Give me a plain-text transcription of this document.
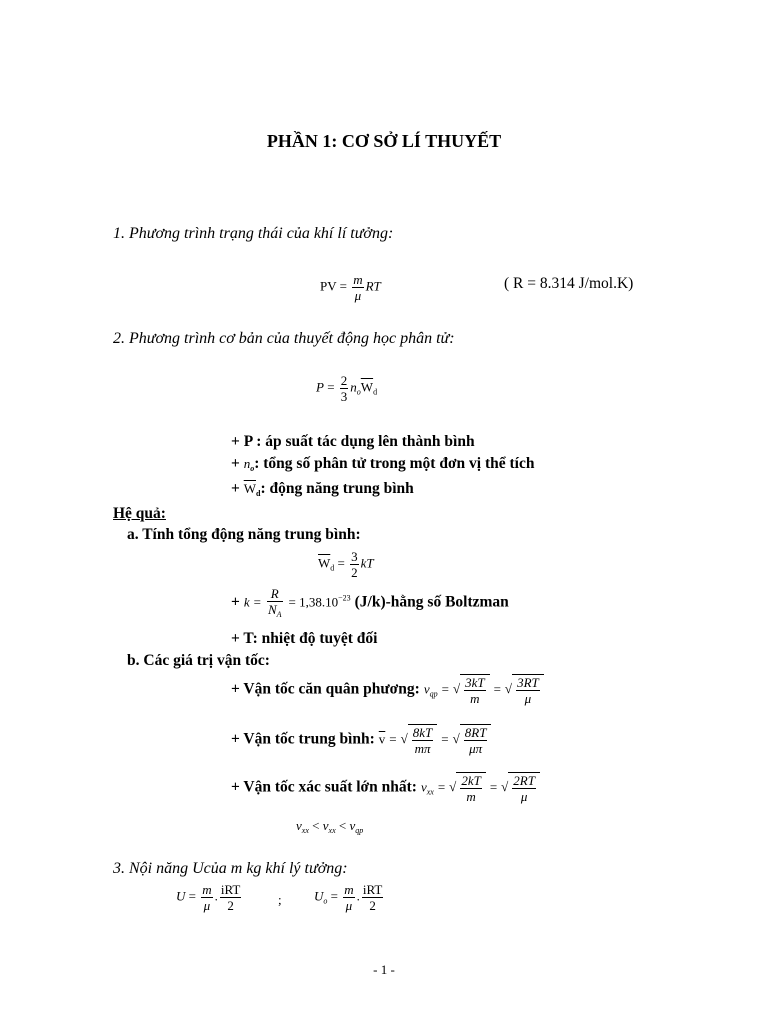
PHẦN 1: CƠ SỞ LÍ THUYẾT
1. Phương trình trạng thái của khí lí tưởng:
PV = $\frac{m}{\mu}$ RT	( R = 8.314 J/mol.K)
2. Phương trình cơ bản của thuyết động học phân tử:
$P = \frac{2}{3} n_o\overline{W}_d$
+ P : áp suất tác dụng lên thành bình
+ $n_o$: tổng số phân tử trong một đơn vị thể tích
+ $\overline{W}d$: động năng trung bình
Hệ quả:
a. Tính tổng động năng trung bình:
$\overline{W}_d = \frac{3}{2}$ kT
+ $k = \frac{R}{N_A} = 1,38.10^{-23}$ (J/k)-hằng số Boltzman
+ T: nhiệt độ tuyệt đối
b. Các giá trị vận tốc:
+ Vận tốc căn quân phương: $v_{qp}$ = √ $\frac{3kT}{m}$ = √ $\frac{3RT}{\mu}$
+ Vận tốc trung bình: $\overline{v}$ = √ $\frac{8kT}{m\pi}$ = √ $\frac{8RT}{\mu\pi}$
+ Vận tốc xác suất lớn nhất: $v_{xx}$ = √ $\frac{2kT}{m}$ = √ $\frac{2RT}{\mu}$
$v_{xx} < v_{xx} < v_{qp}$
3. Nội năng Ucủa m kg khí lý tưởng:
$U = \frac{m}{\mu}$ . $\frac{\text{iRT}}{2}$	; $U_o = \frac{m}{\mu}$ . $\frac{\text{iRT}}{2}$
- 1 -
